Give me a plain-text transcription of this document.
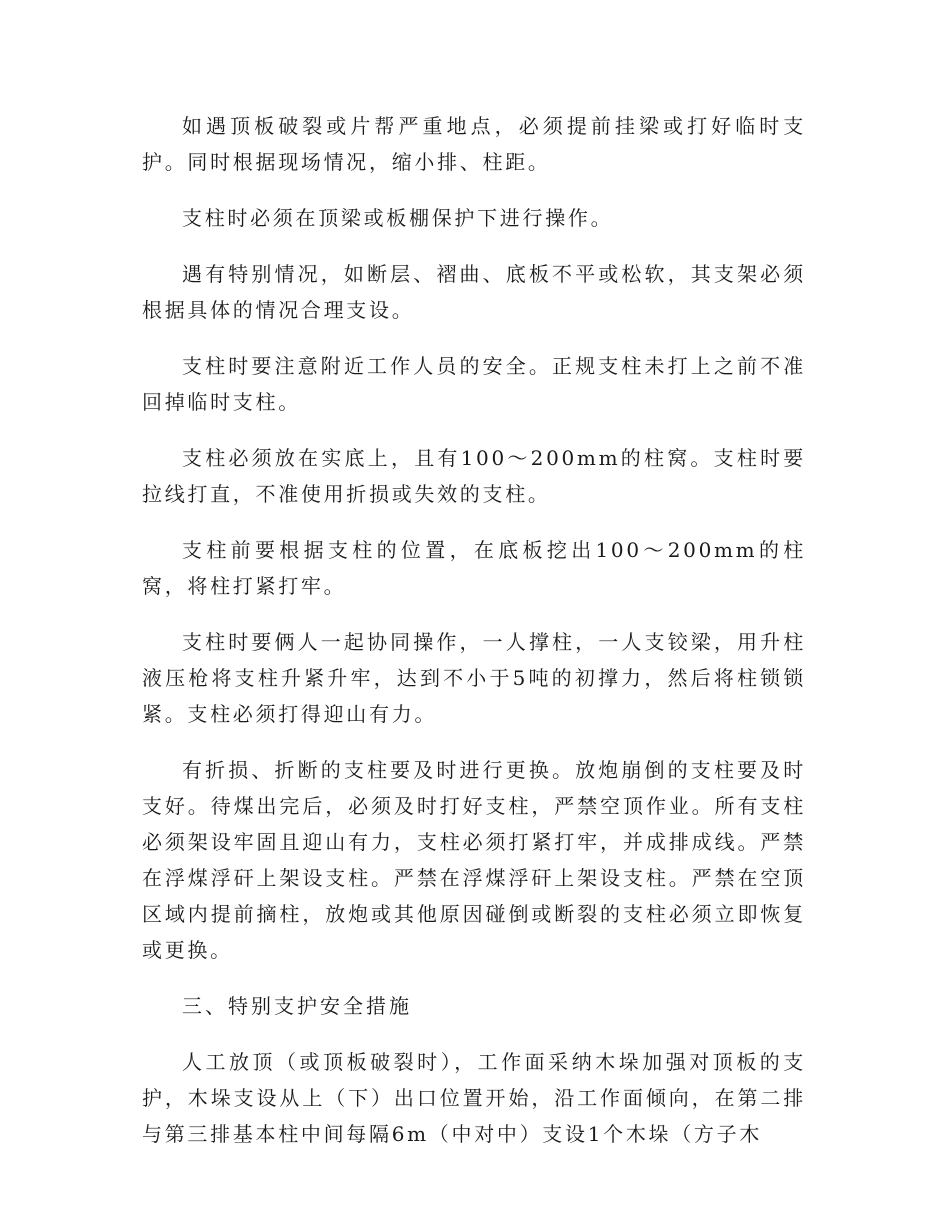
如遇顶板破裂或片帮严重地点，必须提前挂梁或打好临时支护。同时根据现场情况，缩小排、柱距。

支柱时必须在顶梁或板棚保护下进行操作。

遇有特别情况，如断层、褶曲、底板不平或松软，其支架必须根据具体的情况合理支设。

支柱时要注意附近工作人员的安全。正规支柱未打上之前不准回掉临时支柱。

支柱必须放在实底上，且有100～200mm的柱窝。支柱时要拉线打直，不准使用折损或失效的支柱。

支柱前要根据支柱的位置，在底板挖出100～200mm的柱窝，将柱打紧打牢。

支柱时要俩人一起协同操作，一人撑柱，一人支铰梁，用升柱液压枪将支柱升紧升牢，达到不小于5吨的初撑力，然后将柱锁锁紧。支柱必须打得迎山有力。

有折损、折断的支柱要及时进行更换。放炮崩倒的支柱要及时支好。待煤出完后，必须及时打好支柱，严禁空顶作业。所有支柱必须架设牢固且迎山有力，支柱必须打紧打牢，并成排成线。严禁在浮煤浮矸上架设支柱。严禁在浮煤浮矸上架设支柱。严禁在空顶区域内提前摘柱，放炮或其他原因碰倒或断裂的支柱必须立即恢复或更换。

三、特别支护安全措施

人工放顶（或顶板破裂时），工作面采纳木垛加强对顶板的支护，木垛支设从上（下）出口位置开始，沿工作面倾向，在第二排与第三排基本柱中间每隔6m（中对中）支设1个木垛（方子木
